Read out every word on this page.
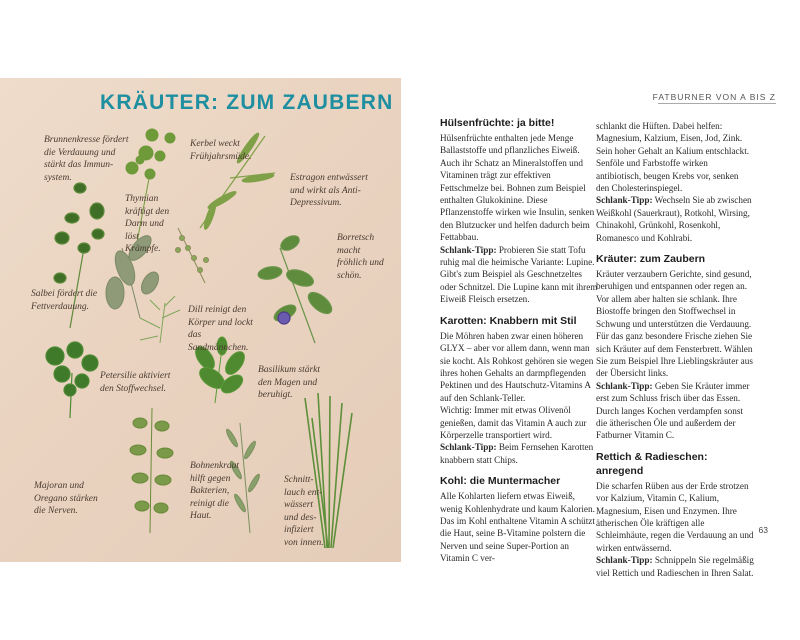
KRÄUTER: ZUM ZAUBERN
Brunnenkresse fördert die Verdauung und stärkt das Immun- system.
Kerbel weckt Frühjahrsmüde.
Estragon entwässert und wirkt als Anti-Depressivum.
Thymian kräftigt den Darm und löst Krämpfe.
Borretsch macht fröhlich und schön.
Salbei fördert die Fettverdauung.	Dill reinigt den Körper und lockt das Sandmännchen.
Petersilie aktiviert den Stoffwechsel.
Basilikum stärkt den Magen und beruhigt.
Majoran und Oregano stärken die Nerven.
Bohnenkraut hilft gegen Bakterien, reinigt die Haut.
Schnitt- lauch ent- wässert und des- infiziert von innen.

FATBURNER VON A BIS Z

Hülsenfrüchte: ja bitte!

Hülsenfrüchte enthalten jede Menge Ballaststoffe und pflanzliches Eiweiß. Auch ihr Schatz an Mineralstoffen und Vitaminen trägt zur effektiven Fettschmelze bei. Bohnen zum Beispiel enthalten Glukokinine. Diese Pflanzenstoffe wirken wie Insulin, senken den Blutzucker und helfen dadurch beim Fettabbau.

Schlank-Tipp: Probieren Sie statt Tofu ruhig mal die heimische Variante: Lupine. Gibt's zum Beispiel als Geschnetzeltes oder Schnitzel. Die Lupine kann mit ihrem Eiweiß Fleisch ersetzen.

Karotten: Knabbern mit Stil

Die Möhren haben zwar einen höheren GLYX – aber vor allem dann, wenn man sie kocht. Als Rohkost gehören sie wegen ihres hohen Gehalts an darmpflegenden Pektinen und des Hautschutz-Vitamins A auf den Schlank-Teller.

Wichtig: Immer mit etwas Olivenöl genießen, damit das Vitamin A auch zur Körperzelle transportiert wird.

Schlank-Tipp: Beim Fernsehen Karotten knabbern statt Chips.

Kohl: die Muntermacher

Alle Kohlarten liefern etwas Eiweiß, wenig Kohlenhydrate und kaum Kalorien. Das im Kohl enthaltene Vitamin A schützt die Haut, seine B-Vitamine polstern die Nerven und seine Super-Portion an Vitamin C ver-

schlankt die Hüften. Dabei helfen: Magnesium, Kalzium, Eisen, Jod, Zink. Sein hoher Gehalt an Kalium entschlackt. Senföle und Farbstoffe wirken antibiotisch, beugen Krebs vor, senken den Cholesterinspiegel.

Schlank-Tipp: Wechseln Sie ab zwischen Weißkohl (Sauerkraut), Rotkohl, Wirsing, Chinakohl, Grünkohl, Rosenkohl, Romanesco und Kohlrabi.

Kräuter: zum Zaubern

Kräuter verzaubern Gerichte, sind gesund, beruhigen und entspannen oder regen an. Vor allem aber halten sie schlank. Ihre Biostoffe bringen den Stoffwechsel in Schwung und unterstützen die Verdauung.

Für das ganz besondere Frische ziehen Sie sich Kräuter auf dem Fensterbrett. Wählen Sie zum Beispiel Ihre Lieblingskräuter aus der Übersicht links.

Schlank-Tipp: Geben Sie Kräuter immer erst zum Schluss frisch über das Essen. Durch langes Kochen verdampfen sonst die ätherischen Öle und außerdem der Fatburner Vitamin C.

Rettich & Radieschen: anregend

Die scharfen Rüben aus der Erde strotzen vor Kalzium, Vitamin C, Kalium, Magnesium, Eisen und Enzymen. Ihre ätherischen Öle kräftigen alle Schleimhäute, regen die Verdauung an und wirken entwässernd.

Schlank-Tipp: Schnippeln Sie regelmäßig viel Rettich und Radieschen in Ihren Salat.

63
